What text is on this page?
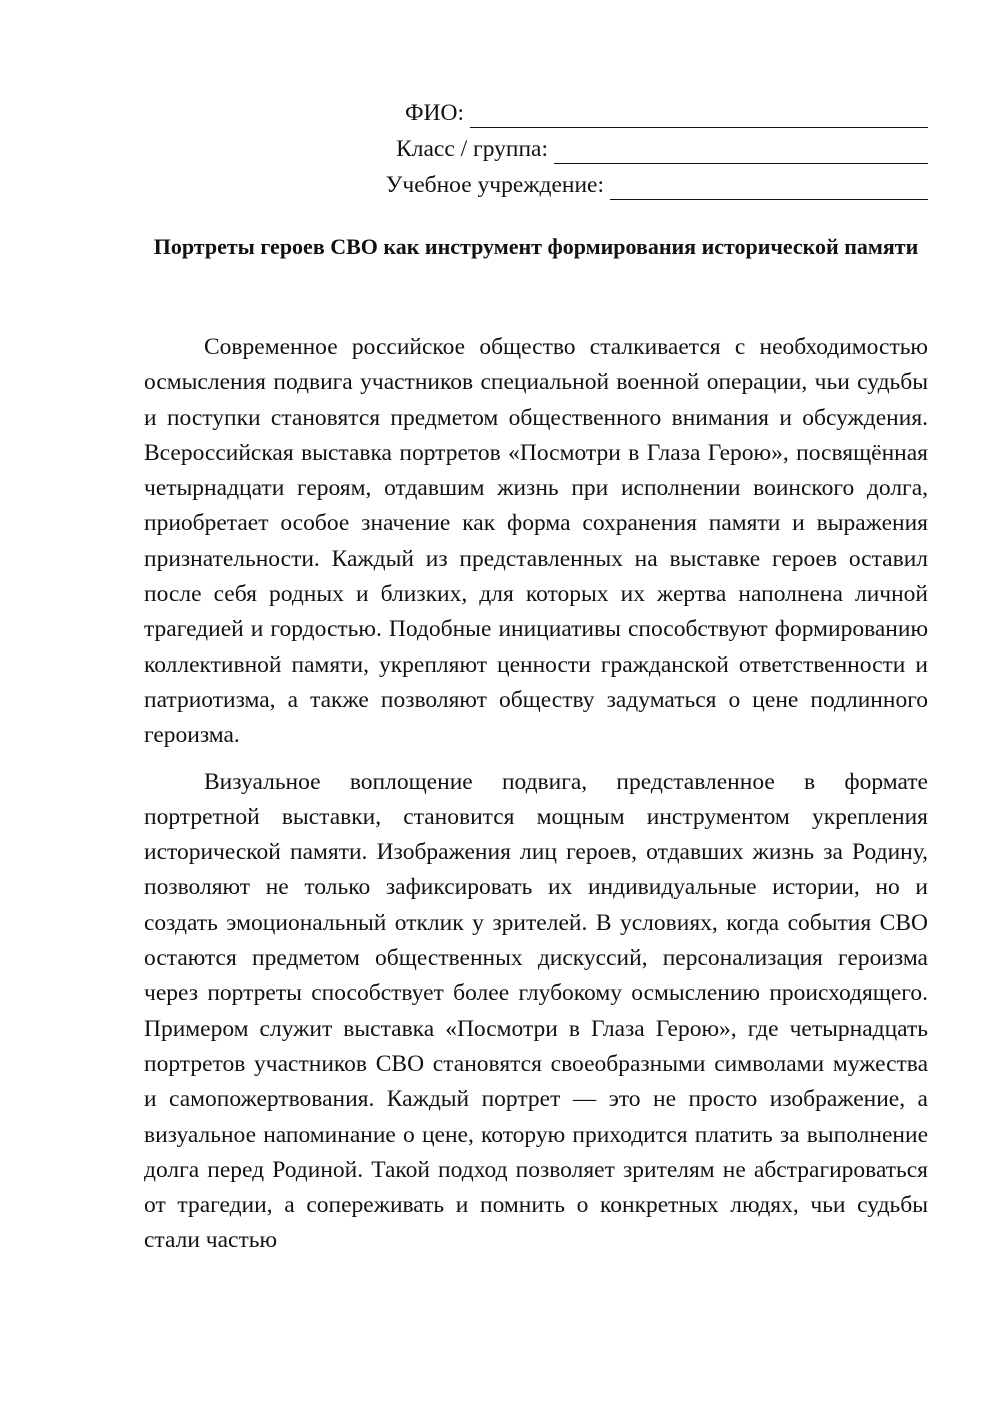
ФИО:
Класс / группа:
Учебное учреждение:
Портреты героев СВО как инструмент формирования исторической памяти

Современное российское общество сталкивается с необходимостью осмысления подвига участников специальной военной операции, чьи судьбы и поступки становятся предметом общественного внимания и обсуждения. Всероссийская выставка портретов «Посмотри в Глаза Герою», посвящённая четырнадцати героям, отдавшим жизнь при исполнении воинского долга, приобретает особое значение как форма сохранения памяти и выражения признательности. Каждый из представленных на выставке героев оставил после себя родных и близких, для которых их жертва наполнена личной трагедией и гордостью. Подобные инициативы способствуют формированию коллективной памяти, укрепляют ценности гражданской ответственности и патриотизма, а также позволяют обществу задуматься о цене подлинного героизма.

Визуальное воплощение подвига, представленное в формате портретной выставки, становится мощным инструментом укрепления исторической памяти. Изображения лиц героев, отдавших жизнь за Родину, позволяют не только зафиксировать их индивидуальные истории, но и создать эмоциональный отклик у зрителей. В условиях, когда события СВО остаются предметом общественных дискуссий, персонализация героизма через портреты способствует более глубокому осмыслению происходящего. Примером служит выставка «Посмотри в Глаза Герою», где четырнадцать портретов участников СВО становятся своеобразными символами мужества и самопожертвования. Каждый портрет — это не просто изображение, а визуальное напоминание о цене, которую приходится платить за выполнение долга перед Родиной. Такой подход позволяет зрителям не абстрагироваться от трагедии, а сопереживать и помнить о конкретных людях, чьи судьбы стали частью
